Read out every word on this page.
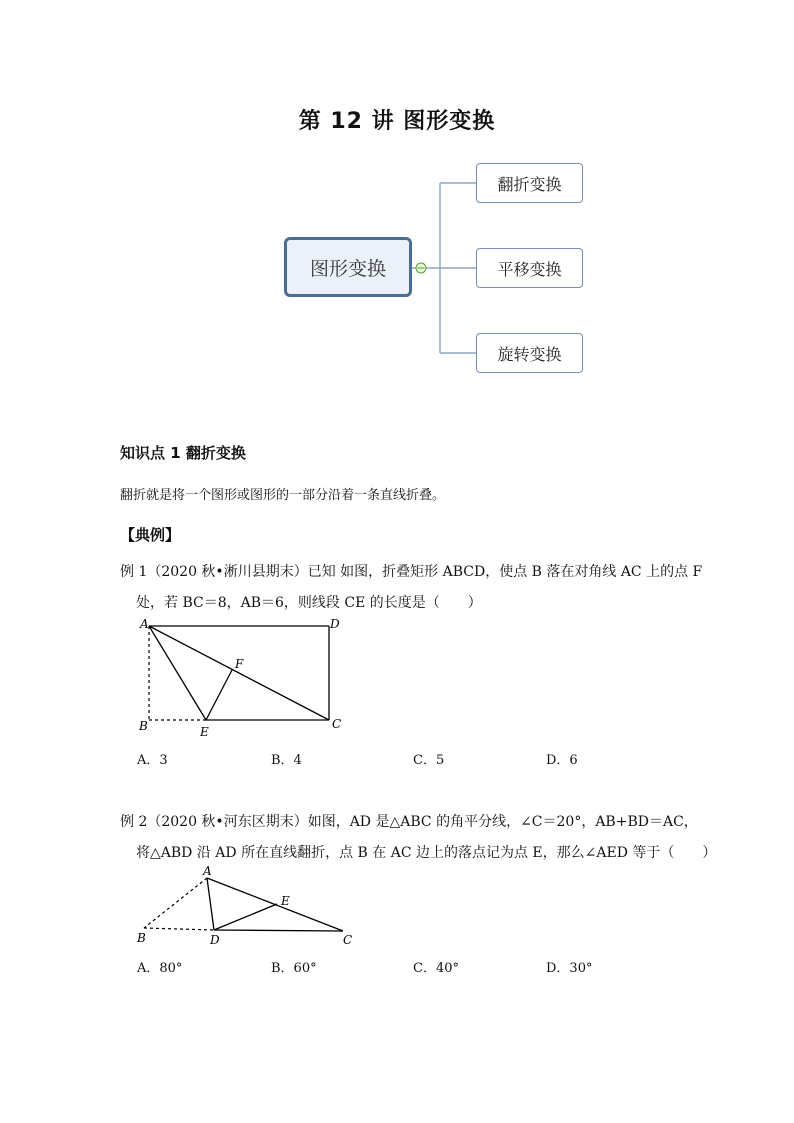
第 12 讲 图形变换
图形变换
翻折变换
平移变换
旋转变换
知识点 1 翻折变换
翻折就是将一个图形或图形的一部分沿着一条直线折叠。
【典例】
例 1（2020 秋•淅川县期末）已知 如图，折叠矩形 ABCD，使点 B 落在对角线 AC 上的点 F
处，若 BC＝8，AB＝6，则线段 CE 的长度是（　　）
A	D
F
B	E
C
A．3	B．4	C．5	D．6
例 2（2020 秋•河东区期末）如图，AD 是△ABC 的角平分线，∠C＝20°，AB+BD＝AC，
将△ABD 沿 AD 所在直线翻折，点 B 在 AC 边上的落点记为点 E，那么∠AED 等于（　　）
A
E
B	D	C
A．80°	B．60°	C．40°	D．30°
